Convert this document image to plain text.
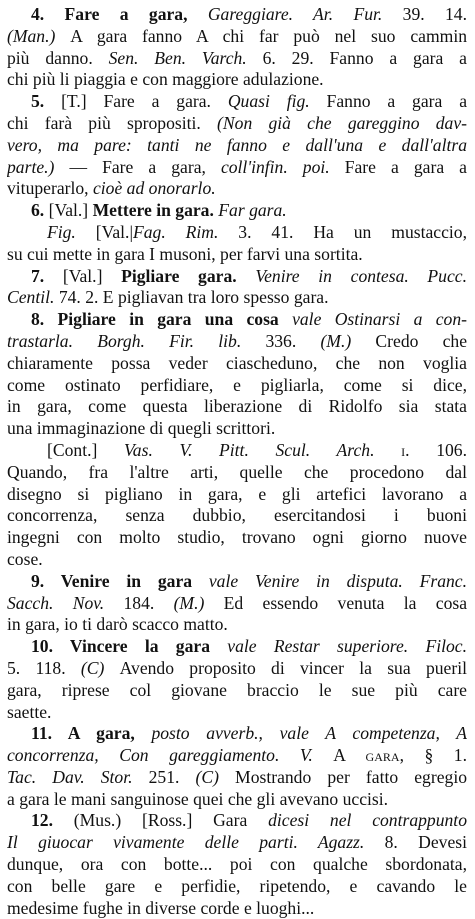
4. Fare a gara, Gareggiare. Ar. Fur. 39. 14.
(Man.) A gara fanno A chi far può nel suo cammin
più danno. Sen. Ben. Varch. 6. 29. Fanno a gara a
chi più li piaggia e con maggiore adulazione.
5. [T.] Fare a gara. Quasi fig. Fanno a gara a
chi farà più spropositi. (Non già che gareggino dav-
vero, ma pare: tanti ne fanno e dall'una e dall'altra
parte.) — Fare a gara, coll'infin. poi. Fare a gara a
vituperarlo, cioè ad onorarlo.
6. [Val.] Mettere in gara. Far gara.
Fig. [Val.|Fag. Rim. 3. 41. Ha un mustaccio,
su cui mette in gara I musoni, per farvi una sortita.
7. [Val.] Pigliare gara. Venire in contesa. Pucc.
Centil. 74. 2. E pigliavan tra loro spesso gara.
8. Pigliare in gara una cosa vale Ostinarsi a con-
trastarla. Borgh. Fir. lib. 336. (M.) Credo che
chiaramente possa veder ciascheduno, che non voglia
come ostinato perfidiare, e pigliarla, come si dice,
in gara, come questa liberazione di Ridolfo sia stata
una immaginazione di quegli scrittori.
[Cont.] Vas. V. Pitt. Scul. Arch. i. 106.
Quando, fra l'altre arti, quelle che procedono dal
disegno si pigliano in gara, e gli artefici lavorano a
concorrenza, senza dubbio, esercitandosi i buoni
ingegni con molto studio, trovano ogni giorno nuove
cose.
9. Venire in gara vale Venire in disputa. Franc.
Sacch. Nov. 184. (M.) Ed essendo venuta la cosa
in gara, io ti darò scacco matto.
10. Vincere la gara vale Restar superiore. Filoc.
5. 118. (C) Avendo proposito di vincer la sua pueril
gara, riprese col giovane braccio le sue più care
saette.
11. A gara, posto avverb., vale A competenza, A
concorrenza, Con gareggiamento. V. A gara, § 1.
Tac. Dav. Stor. 251. (C) Mostrando per fatto egregio
a gara le mani sanguinose quei che gli avevano uccisi.
12. (Mus.) [Ross.] Gara dicesi nel contrappunto
Il giuocar vivamente delle parti. Agazz. 8. Devesi
dunque, ora con botte... poi con qualche sbordonata,
con belle gare e perfidie, ripetendo, e cavando le
medesime fughe in diverse corde e luoghi...
